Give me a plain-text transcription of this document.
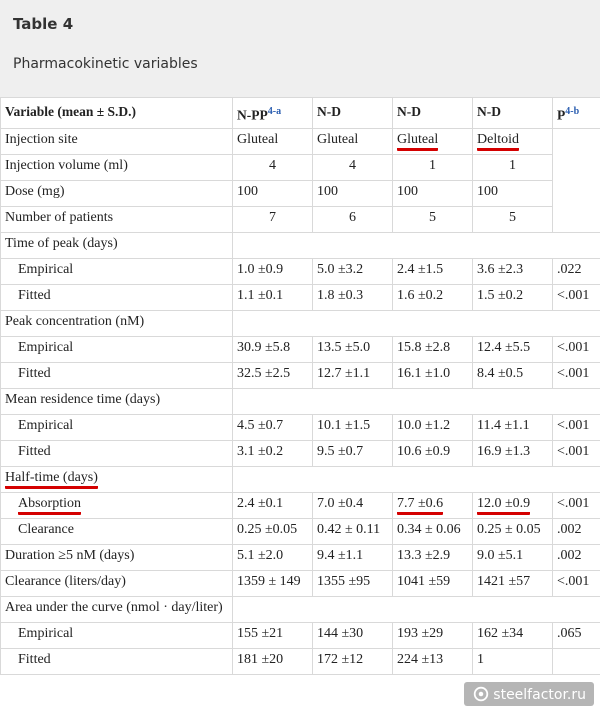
Table 4
Pharmacokinetic variables
Variable (mean ± S.D.)	N-PP$^{4-a}$	N-D	N-D	N-D	$P^{4-b}$
Injection site	Gluteal	Gluteal	Gluteal	Deltoid	
Injection volume (ml)	4	4	1	1	
Dose (mg)	100	100	100	100	
Number of patients	7	6	5	5	
Time of peak (days)					
Empirical	1.0 ±0.9	5.0 ±3.2	2.4 ±1.5	3.6 ±2.3	.022
Fitted	1.1 ±0.1	1.8 ±0.3	1.6 ±0.2	1.5 ±0.2	<.001
Peak concentration (nM)					
Empirical	30.9 ±5.8	13.5 ±5.0	15.8 ±2.8	12.4 ±5.5	<.001
Fitted	32.5 ±2.5	12.7 ±1.1	16.1 ±1.0	8.4 ±0.5	<.001
Mean residence time (days)					
Empirical	4.5 ±0.7	10.1 ±1.5	10.0 ±1.2	11.4 ±1.1	<.001
Fitted	3.1 ±0.2	9.5 ±0.7	10.6 ±0.9	16.9 ±1.3	<.001
Half-time (days)					
Absorption	2.4 ±0.1	7.0 ±0.4	7.7 ±0.6	12.0 ±0.9	<.001
Clearance	0.25 ±0.05	0.42 ± 0.11	0.34 ± 0.06	0.25 ± 0.05	.002
Duration ≥5 nM (days)	5.1 ±2.0	9.4 ±1.1	13.3 ±2.9	9.0 ±5.1	.002
Clearance (liters/day)	1359 ± 149	1355 ±95	1041 ±59	1421 ±57	<.001
Area under the curve (nmol · day/liter)					
Empirical	155 ±21	144 ±30	193 ±29	162 ±34	.065
Fitted	181 ±20	172 ±12	224 ±13	1	
steelfactor.ru
